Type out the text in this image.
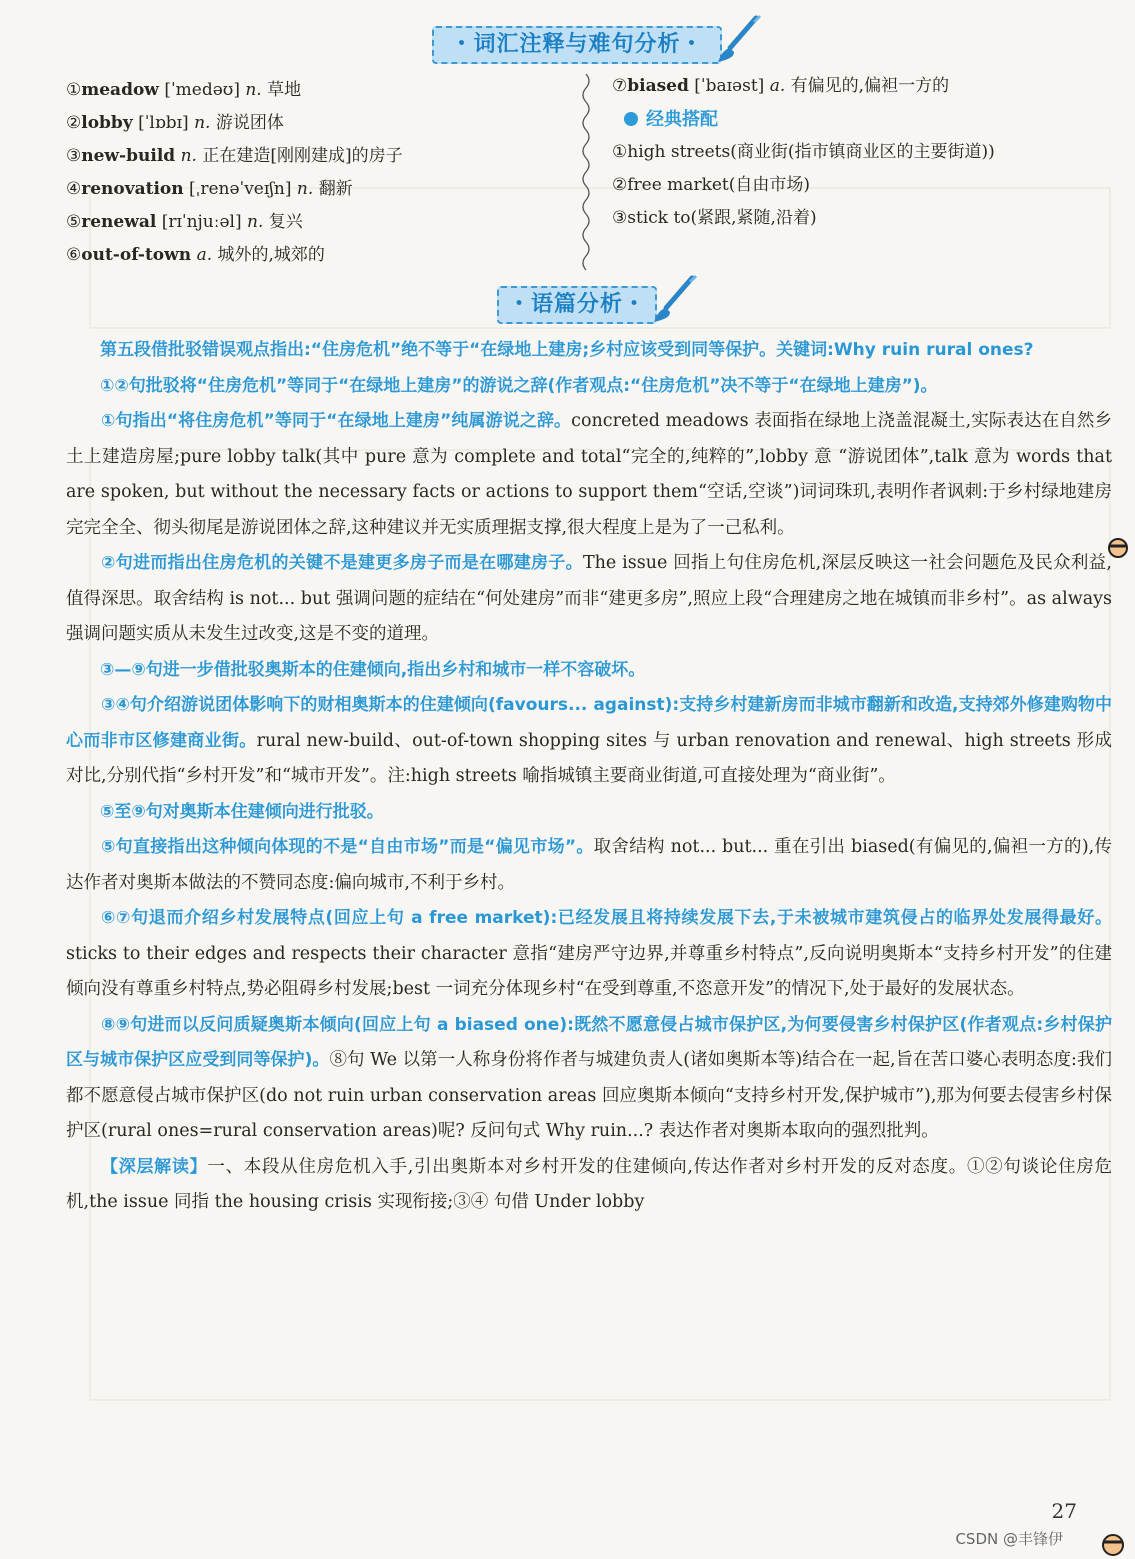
・词汇注释与难句分析・
①meadow [ˈmedəʊ] n. 草地
②lobby [ˈlɒbɪ] n. 游说团体
③new-build n. 正在建造[刚刚建成]的房子
④renovation [ˌrenəˈveɪʃn] n. 翻新
⑤renewal [rɪˈnjuːəl] n. 复兴
⑥out-of-town a. 城外的,城郊的
⑦biased [ˈbaɪəst] a. 有偏见的,偏袒一方的
经典搭配
①high streets(商业街(指市镇商业区的主要街道))
②free market(自由市场)
③stick to(紧跟,紧随,沿着)
・语篇分析・

第五段借批驳错误观点指出:“住房危机”绝不等于“在绿地上建房;乡村应该受到同等保护。关键词:Why ruin rural ones?

①②句批驳将“住房危机”等同于“在绿地上建房”的游说之辞(作者观点:“住房危机”决不等于“在绿地上建房”)。

①句指出“将住房危机”等同于“在绿地上建房”纯属游说之辞。concreted meadows 表面指在绿地上浇盖混凝土,实际表达在自然乡土上建造房屋;pure lobby talk(其中 pure 意为 complete and total“完全的,纯粹的”,lobby 意 “游说团体”,talk 意为 words that are spoken, but without the necessary facts or actions to support them“空话,空谈”)词词珠玑,表明作者讽刺:于乡村绿地建房完完全全、彻头彻尾是游说团体之辞,这种建议并无实质理据支撑,很大程度上是为了一己私利。

②句进而指出住房危机的关键不是建更多房子而是在哪建房子。The issue 回指上句住房危机,深层反映这一社会问题危及民众利益,值得深思。取舍结构 is not... but 强调问题的症结在“何处建房”而非“建更多房”,照应上段“合理建房之地在城镇而非乡村”。as always 强调问题实质从未发生过改变,这是不变的道理。

③—⑨句进一步借批驳奥斯本的住建倾向,指出乡村和城市一样不容破坏。

③④句介绍游说团体影响下的财相奥斯本的住建倾向(favours... against):支持乡村建新房而非城市翻新和改造,支持郊外修建购物中心而非市区修建商业街。rural new-build、out-of-town shopping sites 与 urban renovation and renewal、high streets 形成对比,分别代指“乡村开发”和“城市开发”。注:high streets 喻指城镇主要商业街道,可直接处理为“商业街”。

⑤至⑨句对奥斯本住建倾向进行批驳。

⑤句直接指出这种倾向体现的不是“自由市场”而是“偏见市场”。取舍结构 not... but... 重在引出 biased(有偏见的,偏袒一方的),传达作者对奥斯本做法的不赞同态度:偏向城市,不利于乡村。

⑥⑦句退而介绍乡村发展特点(回应上句 a free market):已经发展且将持续发展下去,于未被城市建筑侵占的临界处发展得最好。sticks to their edges and respects their character 意指“建房严守边界,并尊重乡村特点”,反向说明奥斯本“支持乡村开发”的住建倾向没有尊重乡村特点,势必阻碍乡村发展;best 一词充分体现乡村“在受到尊重,不恣意开发”的情况下,处于最好的发展状态。

⑧⑨句进而以反问质疑奥斯本倾向(回应上句 a biased one):既然不愿意侵占城市保护区,为何要侵害乡村保护区(作者观点:乡村保护区与城市保护区应受到同等保护)。⑧句 We 以第一人称身份将作者与城建负责人(诸如奥斯本等)结合在一起,旨在苦口婆心表明态度:我们都不愿意侵占城市保护区(do not ruin urban conservation areas 回应奥斯本倾向“支持乡村开发,保护城市”),那为何要去侵害乡村保护区(rural ones=rural conservation areas)呢? 反问句式 Why ruin...? 表达作者对奥斯本取向的强烈批判。

【深层解读】一、本段从住房危机入手,引出奥斯本对乡村开发的住建倾向,传达作者对乡村开发的反对态度。①②句谈论住房危机,the issue 同指 the housing crisis 实现衔接;③④ 句借 Under lobby

27
CSDN @丰锋伊
